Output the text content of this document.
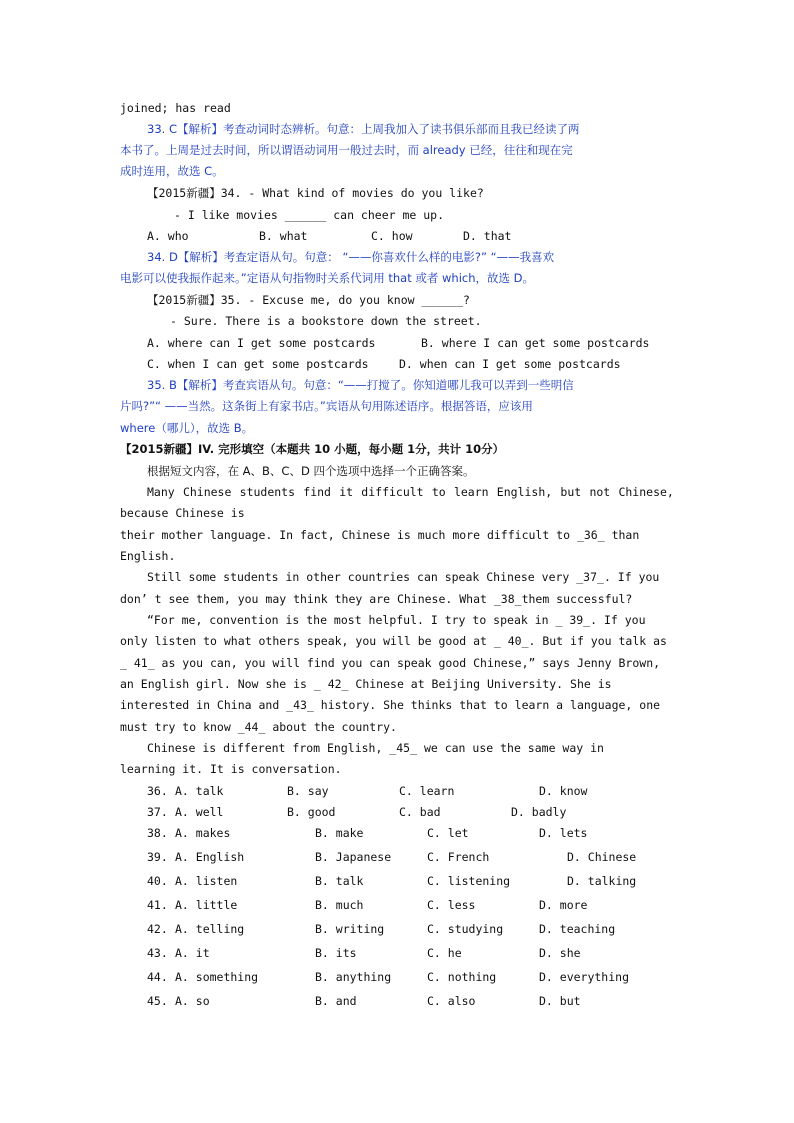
joined; has read
33. C【解析】考查动词时态辨析。句意：上周我加入了读书俱乐部而且我已经读了两
本书了。上周是过去时间，所以谓语动词用一般过去时，而 already 已经，往往和现在完
成时连用，故选 C。
【2015新疆】34. - What kind of movies do you like?
- I like movies ______ can cheer me up.
A. who	B. what	C. how	D. that
34. D【解析】考查定语从句。句意： “——你喜欢什么样的电影?” “——我喜欢
电影可以使我振作起来。”定语从句指物时关系代词用 that 或者 which，故选 D。
【2015新疆】35. - Excuse me, do you know ______?
- Sure. There is a bookstore down the street.
A. where can I get some postcards	B. where I can get some postcards
C. when I can get some postcards	D. when can I get some postcards
35. B【解析】考查宾语从句。句意：“——打搅了。你知道哪儿我可以弄到一些明信
片吗?”“ ——当然。这条街上有家书店。”宾语从句用陈述语序。根据答语，应该用
where（哪儿），故选 B。
【2015新疆】IV. 完形填空（本题共 10 小题，每小题 1分，共计 10分）
根据短文内容，在 A、B、C、D 四个选项中选择一个正确答案。
Many Chinese students find it difficult to learn English, but not Chinese,
because Chinese is
their mother language. In fact, Chinese is much more difficult to _36_ than
English.
Still some students in other countries can speak Chinese very _37_. If you
don’ t see them, you may think they are Chinese. What _38_them successful?
“For me, convention is the most helpful. I try to speak in _ 39_. If you
only listen to what others speak, you will be good at _ 40_. But if you talk as
_ 41_ as you can, you will find you can speak good Chinese,” says Jenny Brown,
an English girl. Now she is _ 42_ Chinese at Beijing University. She is
interested in China and _43_ history. She thinks that to learn a language, one
must try to know _44_ about the country.
Chinese is different from English, _45_ we can use the same way in
learning it. It is conversation.
36. A. talk	B. say	C. learn	D. know
37. A. well	B. good	C. bad	D. badly
38. A. makes	B. make	C. let	D. lets
39. A. English	B. Japanese	C. French	D. Chinese
40. A. listen	B. talk	C. listening	D. talking
41. A. little	B. much	C. less	D. more
42. A. telling	B. writing	C. studying	D. teaching
43. A. it	B. its	C. he	D. she
44. A. something	B. anything	C. nothing	D. everything
45. A. so	B. and	C. also	D. but
